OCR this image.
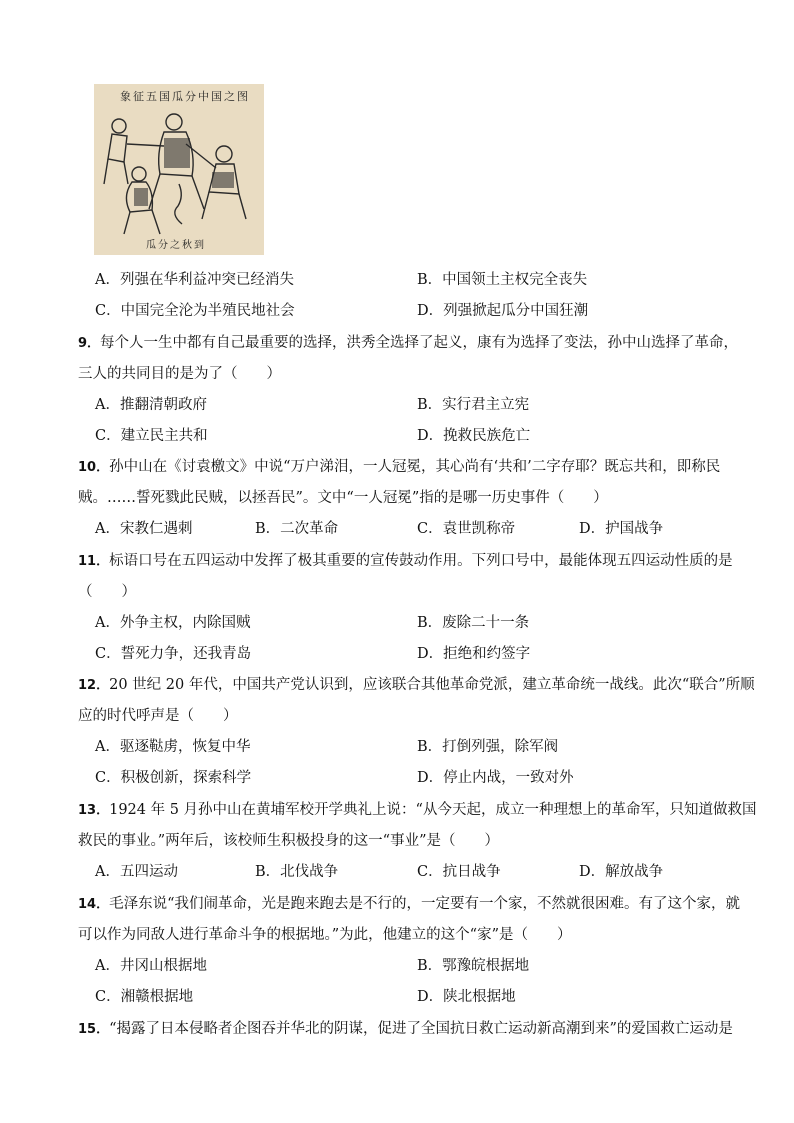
象征五国瓜分中国之图
瓜分之秋到
A．列强在华利益冲突已经消失	B．中国领土主权完全丧失
C．中国完全沦为半殖民地社会	D．列强掀起瓜分中国狂潮
9．每个人一生中都有自己最重要的选择，洪秀全选择了起义，康有为选择了变法，孙中山选择了革命，
三人的共同目的是为了（　　）
A．推翻清朝政府	B．实行君主立宪
C．建立民主共和	D．挽救民族危亡
10．孙中山在《讨袁檄文》中说“万户涕泪，一人冠冕，其心尚有‘共和’二字存耶？既忘共和，即称民
贼。……誓死戮此民贼，以拯吾民”。文中“一人冠冕”指的是哪一历史事件（　　）
A．宋教仁遇刺	B．二次革命	C．袁世凯称帝	D．护国战争
11．标语口号在五四运动中发挥了极其重要的宣传鼓动作用。下列口号中，最能体现五四运动性质的是
（　　）
A．外争主权，内除国贼	B．废除二十一条
C．誓死力争，还我青岛	D．拒绝和约签字
12．20 世纪 20 年代，中国共产党认识到，应该联合其他革命党派，建立革命统一战线。此次“联合”所顺
应的时代呼声是（　　）
A．驱逐鞑虏，恢复中华	B．打倒列强，除军阀
C．积极创新，探索科学	D．停止内战，一致对外
13．1924 年 5 月孙中山在黄埔军校开学典礼上说：“从今天起，成立一种理想上的革命军，只知道做救国
救民的事业。”两年后，该校师生积极投身的这一“事业”是（　　）
A．五四运动	B．北伐战争	C．抗日战争	D．解放战争
14．毛泽东说“我们闹革命，光是跑来跑去是不行的，一定要有一个家，不然就很困难。有了这个家，就
可以作为同敌人进行革命斗争的根据地。”为此，他建立的这个“家”是（　　）
A．井冈山根据地	B．鄂豫皖根据地
C．湘赣根据地	D．陕北根据地
15．“揭露了日本侵略者企图吞并华北的阴谋，促进了全国抗日救亡运动新高潮到来”的爱国救亡运动是
